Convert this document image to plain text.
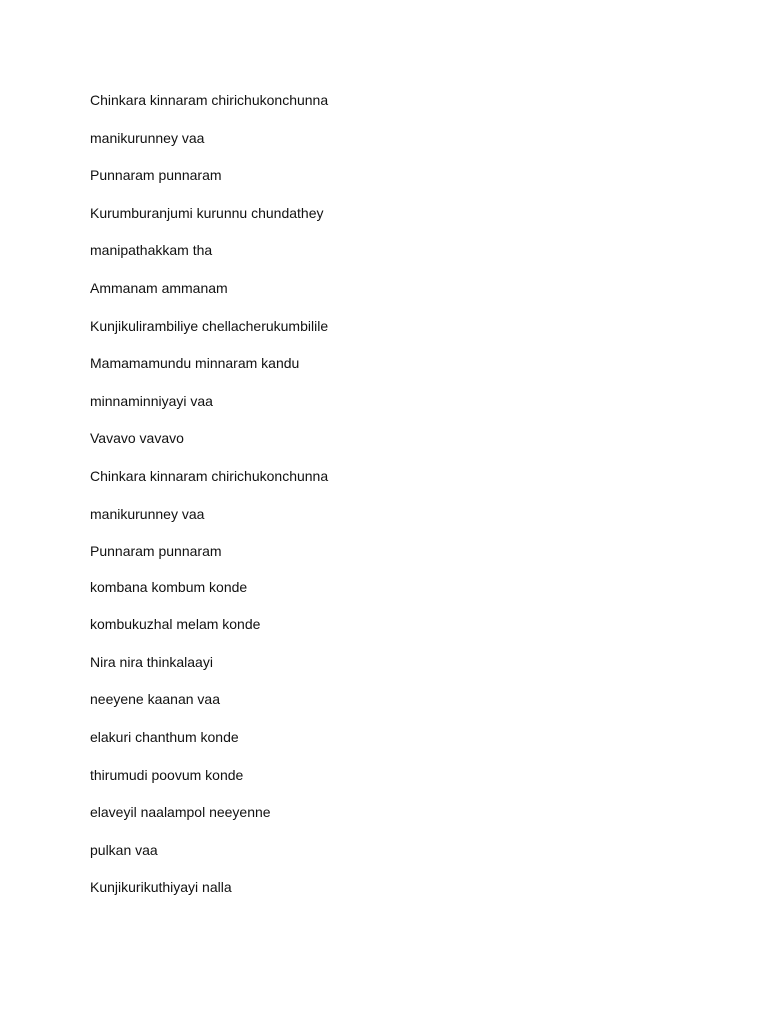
Chinkara kinnaram chirichukonchunna
manikurunney vaa
Punnaram punnaram
Kurumburanjumi kurunnu chundathey
manipathakkam tha
Ammanam ammanam
Kunjikulirambiliye chellacherukumbilile
Mamamamundu minnaram kandu
minnaminniyayi vaa
Vavavo vavavo
Chinkara kinnaram chirichukonchunna
manikurunney vaa
Punnaram punnaram
kombana kombum konde
kombukuzhal melam konde
Nira nira thinkalaayi
neeyene kaanan vaa
elakuri chanthum konde
thirumudi poovum konde
elaveyil naalampol neeyenne
pulkan vaa
Kunjikurikuthiyayi nalla
